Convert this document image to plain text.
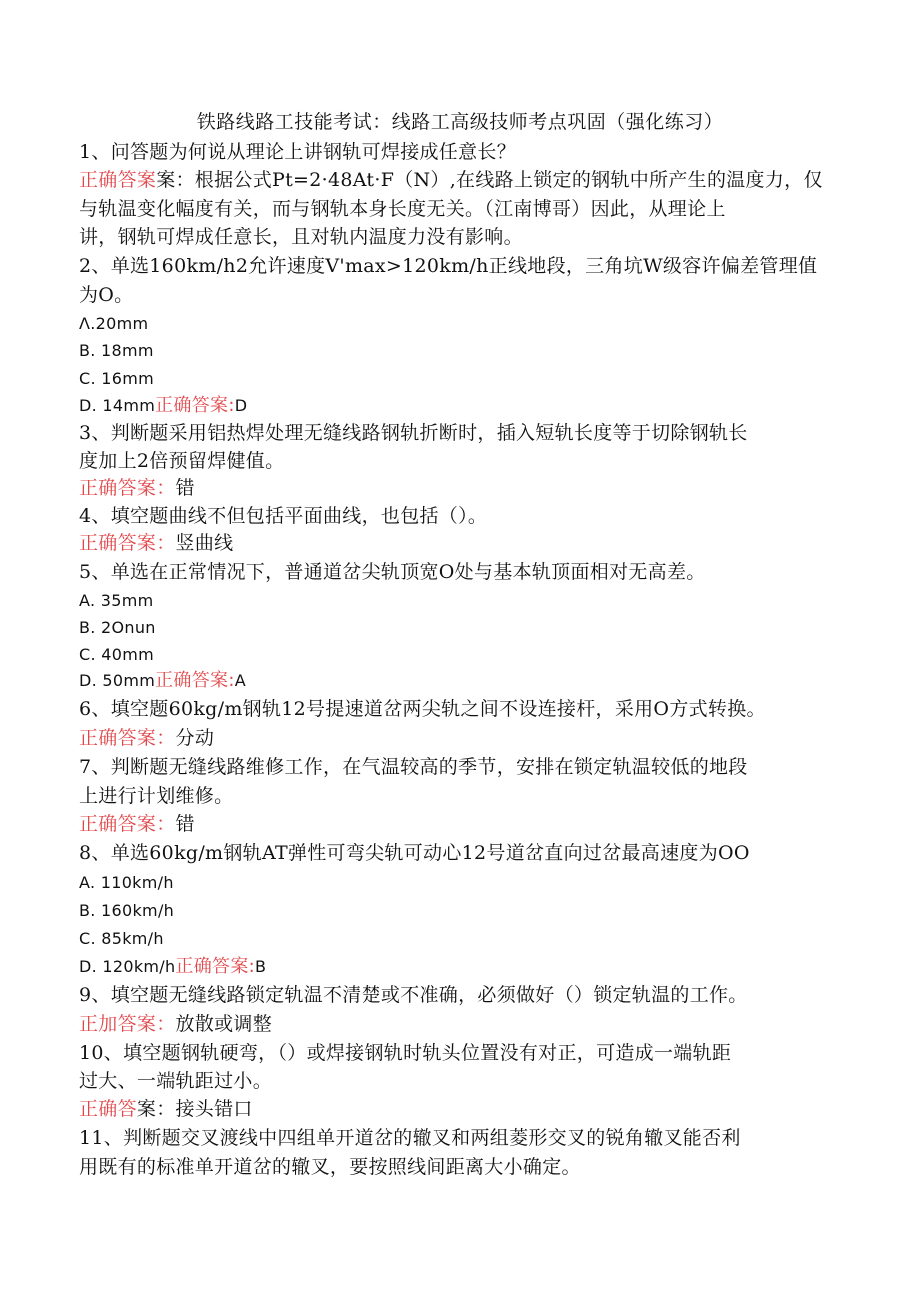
铁路线路工技能考试：线路工高级技师考点巩固（强化练习）
1、问答题为何说从理论上讲钢轨可焊接成任意长？
正确答案案：根据公式Pt=2·48At·F（N）,在线路上锁定的钢轨中所产生的温度力，仅
与轨温变化幅度有关，而与钢轨本身长度无关。（江南博哥）因此，从理论上
讲，钢轨可焊成任意长，且对轨内温度力没有影响。
2、单选160km/h2允许速度V'max>120km/h正线地段，三角坑W级容许偏差管理值
为O。
Λ.20mm
B. 18mm
C. 16mm
D. 14mm正确答案:D
3、判断题采用铝热焊处理无缝线路钢轨折断时，插入短轨长度等于切除钢轨长
度加上2倍预留焊健值。
正确答案：错
4、填空题曲线不但包括平面曲线，也包括（）。
正确答案：竖曲线
5、单选在正常情况下，普通道岔尖轨顶宽O处与基本轨顶面相对无高差。
A. 35mm
B. 2Onun
C. 40mm
D. 50mm正确答案:A
6、填空题60kg/m钢轨12号提速道岔两尖轨之间不设连接杆，采用O方式转换。
正确答案：分动
7、判断题无缝线路维修工作，在气温较高的季节，安排在锁定轨温较低的地段
上进行计划维修。
正确答案：错
8、单选60kg/m钢轨AT弹性可弯尖轨可动心12号道岔直向过岔最高速度为OO
A. 110km/h
B. 160km/h
C. 85km/h
D. 120km/h正确答案:B
9、填空题无缝线路锁定轨温不清楚或不准确，必须做好（）锁定轨温的工作。
正加答案：放散或调整
10、填空题钢轨硬弯，（）或焊接钢轨时轨头位置没有对正，可造成一端轨距
过大、一端轨距过小。
正确答案：接头错口
11、判断题交叉渡线中四组单开道岔的辙叉和两组菱形交叉的锐角辙叉能否利
用既有的标准单开道岔的辙叉，要按照线间距离大小确定。
